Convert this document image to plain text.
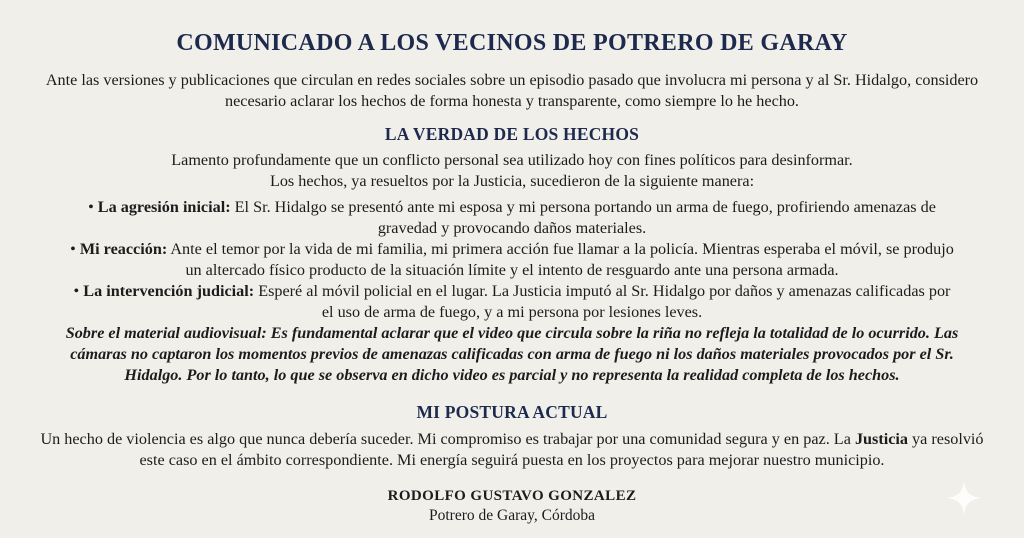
COMUNICADO A LOS VECINOS DE POTRERO DE GARAY
Ante las versiones y publicaciones que circulan en redes sociales sobre un episodio pasado que involucra mi persona y al Sr. Hidalgo, considero necesario aclarar los hechos de forma honesta y transparente, como siempre lo he hecho.
LA VERDAD DE LOS HECHOS
Lamento profundamente que un conflicto personal sea utilizado hoy con fines políticos para desinformar.
Los hechos, ya resueltos por la Justicia, sucedieron de la siguiente manera:
• La agresión inicial: El Sr. Hidalgo se presentó ante mi esposa y mi persona portando un arma de fuego, profiriendo amenazas de gravedad y provocando daños materiales.
• Mi reacción: Ante el temor por la vida de mi familia, mi primera acción fue llamar a la policía. Mientras esperaba el móvil, se produjo un altercado físico producto de la situación límite y el intento de resguardo ante una persona armada.
• La intervención judicial: Esperé al móvil policial en el lugar. La Justicia imputó al Sr. Hidalgo por daños y amenazas calificadas por el uso de arma de fuego, y a mi persona por lesiones leves.
Sobre el material audiovisual: Es fundamental aclarar que el video que circula sobre la riña no refleja la totalidad de lo ocurrido. Las cámaras no captaron los momentos previos de amenazas calificadas con arma de fuego ni los daños materiales provocados por el Sr. Hidalgo. Por lo tanto, lo que se observa en dicho video es parcial y no representa la realidad completa de los hechos.
MI POSTURA ACTUAL
Un hecho de violencia es algo que nunca debería suceder. Mi compromiso es trabajar por una comunidad segura y en paz. La Justicia ya resolvió este caso en el ámbito correspondiente. Mi energía seguirá puesta en los proyectos para mejorar nuestro municipio.
RODOLFO GUSTAVO GONZALEZ
Potrero de Garay, Córdoba
